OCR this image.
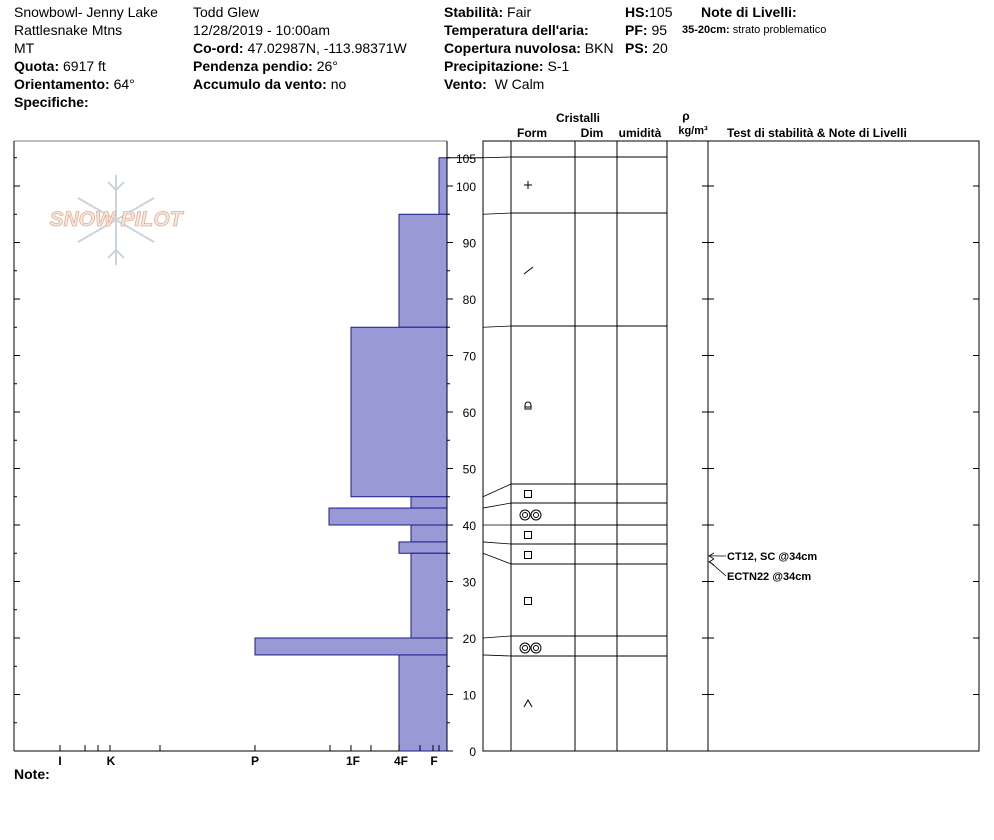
Snowbowl- Jenny Lake
Rattlesnake Mtns
MT
Quota: 6917 ft
Orientamento: 64°
Specifiche:
Todd Glew
12/28/2019 - 10:00am
Co-ord: 47.02987N, -113.98371W
Pendenza pendio: 26°
Accumulo da vento: no
Stabilità: Fair
Temperatura dell'aria:
Copertura nuvolosa: BKN
Precipitazione: S-1
Vento: W Calm
HS:105
PF: 95
PS: 20
Note di Livelli:
35-20cm: strato problematico
Note:
SNOW PILOT
10
20
30
40
50
60
70
80
90
100
105
0
I	K	P	1F	4F F
CT12, SC @34cm
ECTN22 @34cm
Cristalli
Form	Dim umidità
ρ
kg/m³ Test di stabilità & Note di Livelli
